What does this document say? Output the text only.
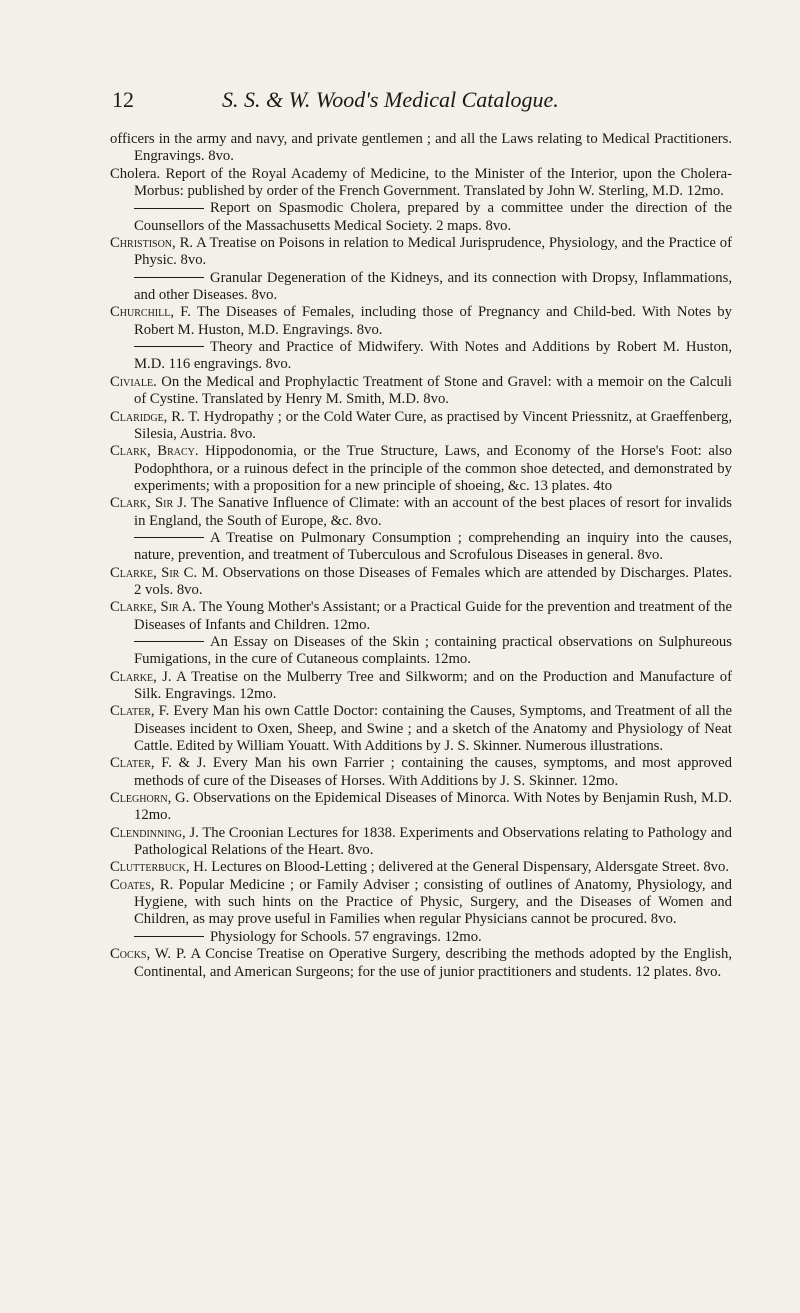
12	S. S. & W. Wood's Medical Catalogue.

officers in the army and navy, and private gentlemen ; and all the Laws relating to Medical Practitioners. Engravings. 8vo.

Cholera. Report of the Royal Academy of Medicine, to the Minister of the Interior, upon the Cholera-Morbus: published by order of the French Government. Translated by John W. Sterling, M.D. 12mo.

Report on Spasmodic Cholera, prepared by a committee under the direction of the Counsellors of the Massachusetts Medical Society. 2 maps. 8vo.

Christison, R. A Treatise on Poisons in relation to Medical Jurisprudence, Physiology, and the Practice of Physic. 8vo.

Granular Degeneration of the Kidneys, and its connection with Dropsy, Inflammations, and other Diseases. 8vo.

Churchill, F. The Diseases of Females, including those of Pregnancy and Child-bed. With Notes by Robert M. Huston, M.D. Engravings. 8vo.

Theory and Practice of Midwifery. With Notes and Additions by Robert M. Huston, M.D. 116 engravings. 8vo.

Civiale. On the Medical and Prophylactic Treatment of Stone and Gravel: with a memoir on the Calculi of Cystine. Translated by Henry M. Smith, M.D. 8vo.

Claridge, R. T. Hydropathy ; or the Cold Water Cure, as practised by Vincent Priessnitz, at Graeffenberg, Silesia, Austria. 8vo.

Clark, Bracy. Hippodonomia, or the True Structure, Laws, and Economy of the Horse's Foot: also Podophthora, or a ruinous defect in the principle of the common shoe detected, and demonstrated by experiments; with a proposition for a new principle of shoeing, &c. 13 plates. 4to

Clark, Sir J. The Sanative Influence of Climate: with an account of the best places of resort for invalids in England, the South of Europe, &c. 8vo.

A Treatise on Pulmonary Consumption ; comprehending an inquiry into the causes, nature, prevention, and treatment of Tuberculous and Scrofulous Diseases in general. 8vo.

Clarke, Sir C. M. Observations on those Diseases of Females which are attended by Discharges. Plates. 2 vols. 8vo.

Clarke, Sir A. The Young Mother's Assistant; or a Practical Guide for the prevention and treatment of the Diseases of Infants and Children. 12mo.

An Essay on Diseases of the Skin ; containing practical observations on Sulphureous Fumigations, in the cure of Cutaneous complaints. 12mo.

Clarke, J. A Treatise on the Mulberry Tree and Silkworm; and on the Production and Manufacture of Silk. Engravings. 12mo.

Clater, F. Every Man his own Cattle Doctor: containing the Causes, Symptoms, and Treatment of all the Diseases incident to Oxen, Sheep, and Swine ; and a sketch of the Anatomy and Physiology of Neat Cattle. Edited by William Youatt. With Additions by J. S. Skinner. Numerous illustrations.

Clater, F. & J. Every Man his own Farrier ; containing the causes, symptoms, and most approved methods of cure of the Diseases of Horses. With Additions by J. S. Skinner. 12mo.

Cleghorn, G. Observations on the Epidemical Diseases of Minorca. With Notes by Benjamin Rush, M.D. 12mo.

Clendinning, J. The Croonian Lectures for 1838. Experiments and Observations relating to Pathology and Pathological Relations of the Heart. 8vo.

Clutterbuck, H. Lectures on Blood-Letting ; delivered at the General Dispensary, Aldersgate Street. 8vo.

Coates, R. Popular Medicine ; or Family Adviser ; consisting of outlines of Anatomy, Physiology, and Hygiene, with such hints on the Practice of Physic, Surgery, and the Diseases of Women and Children, as may prove useful in Families when regular Physicians cannot be procured. 8vo.

Physiology for Schools. 57 engravings. 12mo.

Cocks, W. P. A Concise Treatise on Operative Surgery, describing the methods adopted by the English, Continental, and American Surgeons; for the use of junior practitioners and students. 12 plates. 8vo.
